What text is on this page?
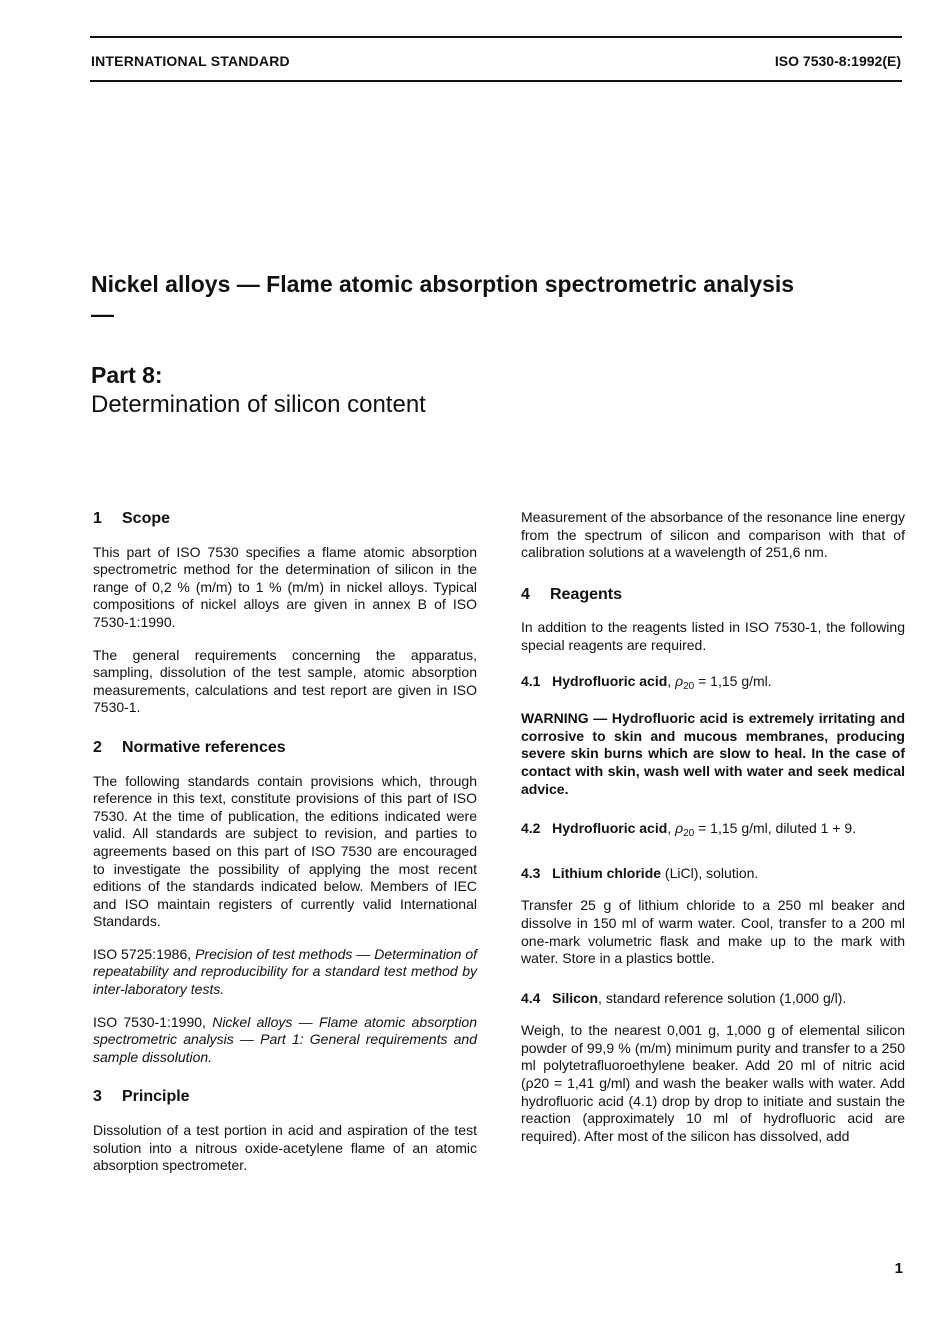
INTERNATIONAL STANDARD	ISO 7530-8:1992(E)
Nickel alloys — Flame atomic absorption spectrometric analysis —
Part 8:
Determination of silicon content

1 Scope

This part of ISO 7530 specifies a flame atomic absorption spectrometric method for the determination of silicon in the range of 0,2 % (m/m) to 1 % (m/m) in nickel alloys. Typical compositions of nickel alloys are given in annex B of ISO 7530-1:1990.

The general requirements concerning the apparatus, sampling, dissolution of the test sample, atomic absorption measurements, calculations and test report are given in ISO 7530-1.

2 Normative references

The following standards contain provisions which, through reference in this text, constitute provisions of this part of ISO 7530. At the time of publication, the editions indicated were valid. All standards are subject to revision, and parties to agreements based on this part of ISO 7530 are encouraged to investigate the possibility of applying the most recent editions of the standards indicated below. Members of IEC and ISO maintain registers of currently valid International Standards.

ISO 5725:1986, Precision of test methods — Determination of repeatability and reproducibility for a standard test method by inter-laboratory tests.

ISO 7530-1:1990, Nickel alloys — Flame atomic absorption spectrometric analysis — Part 1: General requirements and sample dissolution.

3 Principle

Dissolution of a test portion in acid and aspiration of the test solution into a nitrous oxide-acetylene flame of an atomic absorption spectrometer.

Measurement of the absorbance of the resonance line energy from the spectrum of silicon and comparison with that of calibration solutions at a wavelength of 251,6 nm.

4 Reagents

In addition to the reagents listed in ISO 7530-1, the following special reagents are required.

4.1 Hydrofluoric acid, $\rho_{20} = 1,15$ g/ml.

WARNING — Hydrofluoric acid is extremely irritating and corrosive to skin and mucous membranes, producing severe skin burns which are slow to heal. In the case of contact with skin, wash well with water and seek medical advice.

4.2 Hydrofluoric acid, $\rho_{20} = 1,15$ g/ml, diluted 1 + 9.

4.3 Lithium chloride (LiCl), solution.

Transfer 25 g of lithium chloride to a 250 ml beaker and dissolve in 150 ml of warm water. Cool, transfer to a 200 ml one-mark volumetric flask and make up to the mark with water. Store in a plastics bottle.

4.4 Silicon, standard reference solution (1,000 g/l).

Weigh, to the nearest 0,001 g, 1,000 g of elemental silicon powder of 99,9 % (m/m) minimum purity and transfer to a 250 ml polytetrafluoroethylene beaker. Add 20 ml of nitric acid (ρ20 = 1,41 g/ml) and wash the beaker walls with water. Add hydrofluoric acid (4.1) drop by drop to initiate and sustain the reaction (approximately 10 ml of hydrofluoric acid are required). After most of the silicon has dissolved, add

1
